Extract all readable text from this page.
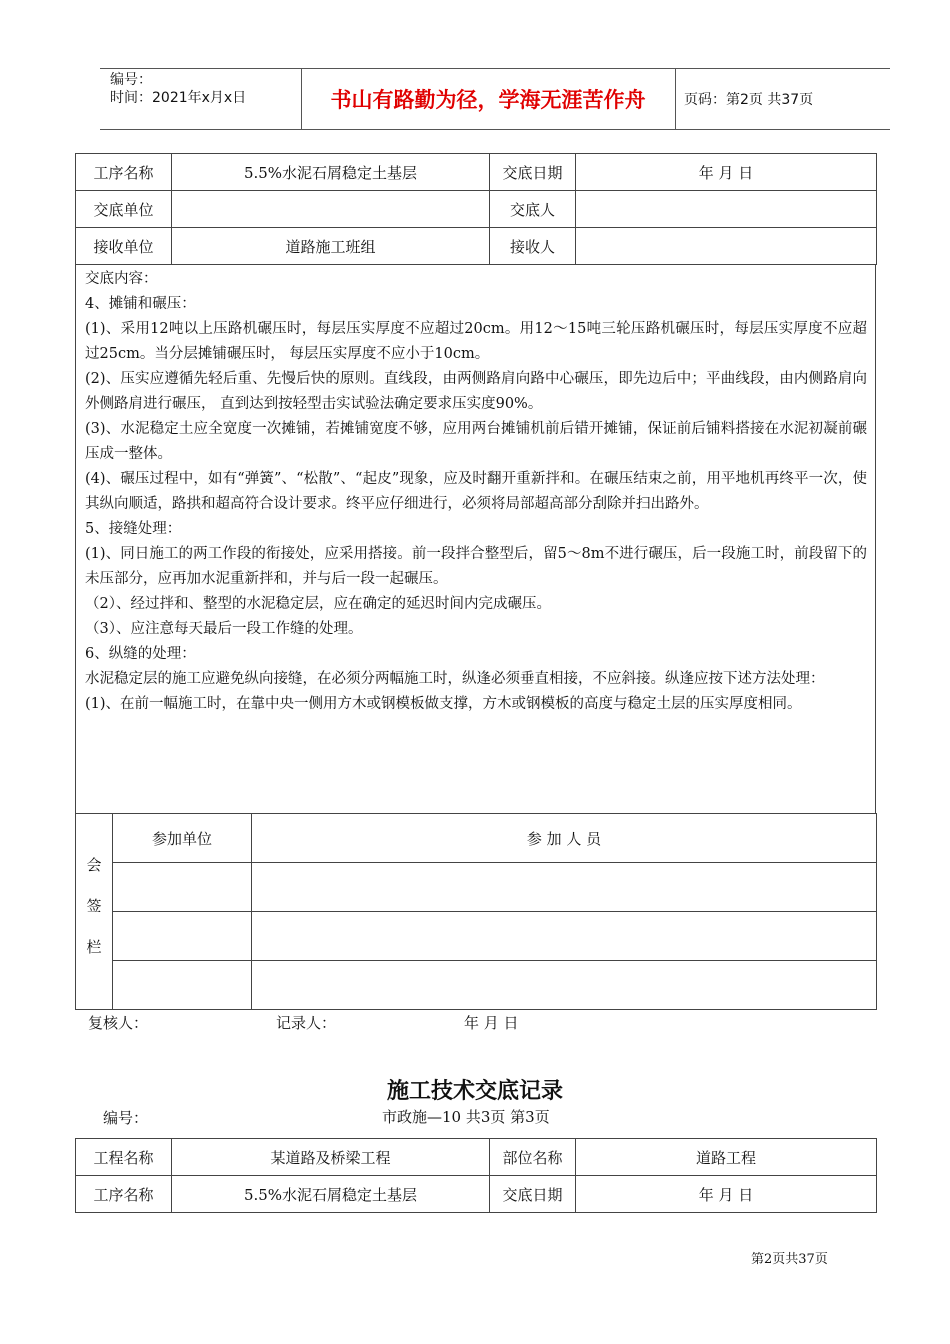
编号：
时间：2021年x月x日	书山有路勤为径，学海无涯苦作舟	页码：第2页 共37页
工序名称	5.5%水泥石屑稳定土基层	交底日期	年 月 日
交底单位		交底人	
接收单位	道路施工班组	接收人	

交底内容：

4、摊铺和碾压：

(1)、采用12吨以上压路机碾压时，每层压实厚度不应超过20cm。用12～15吨三轮压路机碾压时，每层压实厚度不应超过25cm。当分层摊铺碾压时， 每层压实厚度不应小于10cm。

(2)、压实应遵循先轻后重、先慢后快的原则。直线段，由两侧路肩向路中心碾压，即先边后中；平曲线段，由内侧路肩向外侧路肩进行碾压， 直到达到按轻型击实试验法确定要求压实度90%。

(3)、水泥稳定土应全宽度一次摊铺，若摊铺宽度不够，应用两台摊铺机前后错开摊铺，保证前后铺料搭接在水泥初凝前碾压成一整体。

(4)、碾压过程中，如有“弹簧”、“松散”、“起皮”现象，应及时翻开重新拌和。在碾压结束之前，用平地机再终平一次，使其纵向顺适，路拱和超高符合设计要求。终平应仔细进行，必须将局部超高部分刮除并扫出路外。

5、接缝处理：

(1)、同日施工的两工作段的衔接处，应采用搭接。前一段拌合整型后，留5～8m不进行碾压，后一段施工时，前段留下的未压部分，应再加水泥重新拌和，并与后一段一起碾压。

（2）、经过拌和、整型的水泥稳定层，应在确定的延迟时间内完成碾压。

（3）、应注意每天最后一段工作缝的处理。

6、纵缝的处理：

水泥稳定层的施工应避免纵向接缝，在必须分两幅施工时，纵逢必须垂直相接，不应斜接。纵逢应按下述方法处理：

(1)、在前一幅施工时，在靠中央一侧用方木或钢模板做支撑，方木或钢模板的高度与稳定土层的压实厚度相同。

会签栏	参加单位	参 加 人 员

复核人：	记录人：	年 月 日
施工技术交底记录
编号：	市政施—10 共3页 第3页
工程名称	某道路及桥梁工程	部位名称	道路工程
工序名称	5.5%水泥石屑稳定土基层	交底日期	年 月 日
第2页共37页
